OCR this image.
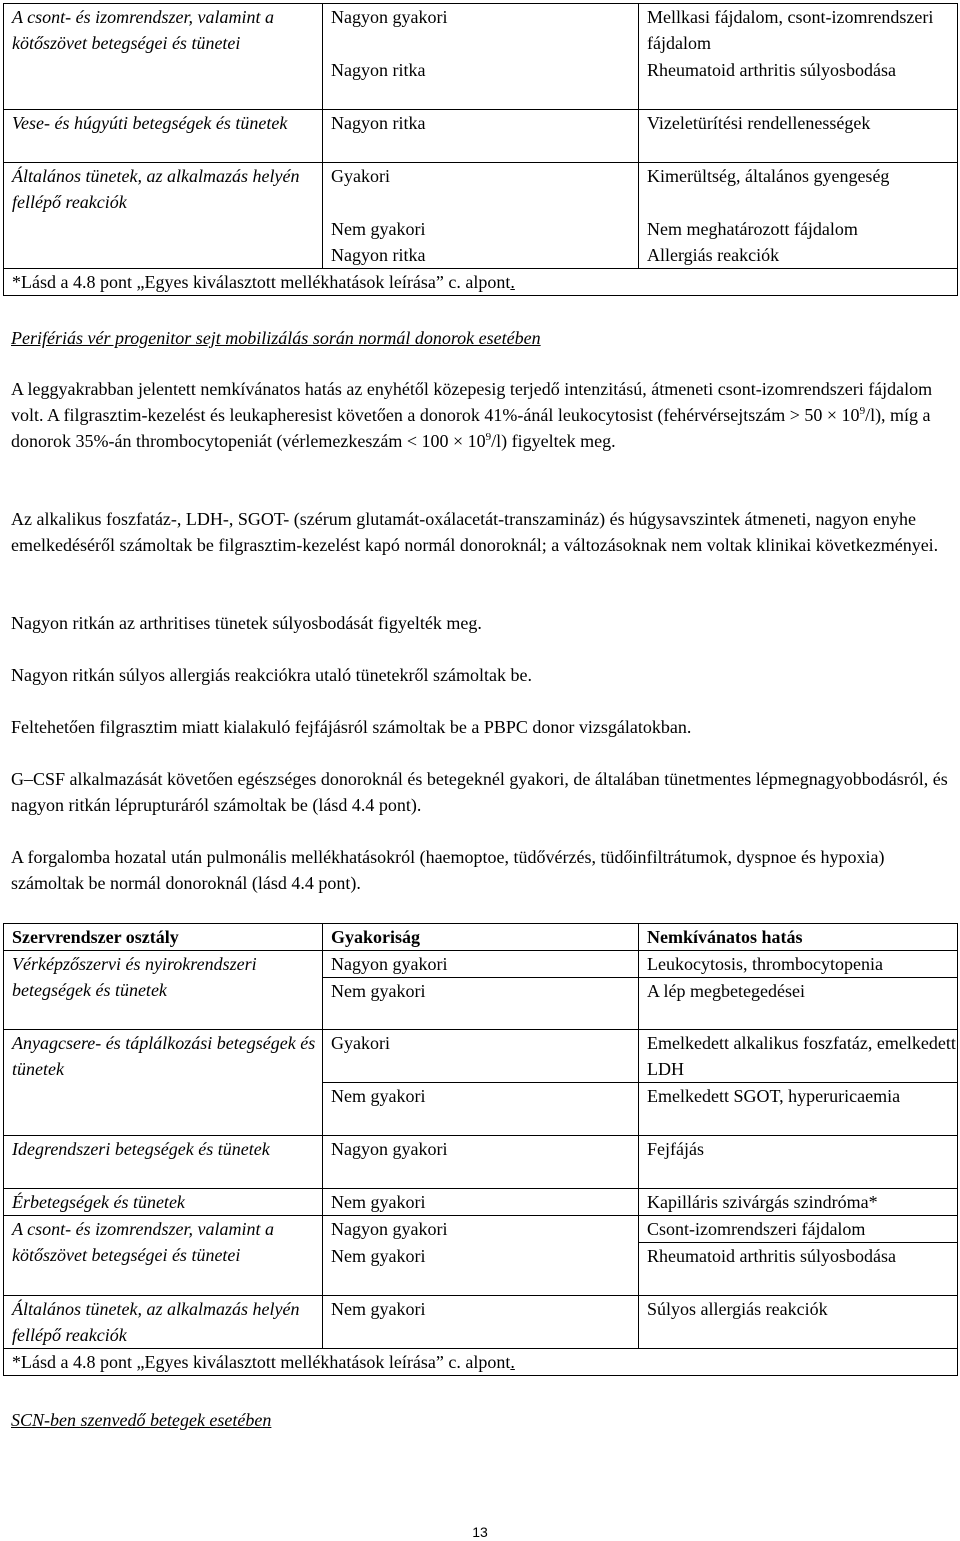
A csont- és izomrendszer, valamint a kötőszövet betegségei és tünetei	Nagyon gyakori	Mellkasi fájdalom, csont-izomrendszeri fájdalom
	Nagyon ritka	Rheumatoid arthritis súlyosbodása
Vese- és húgyúti betegségek és tünetek	Nagyon ritka	Vizeletürítési rendellenességek
Általános tünetek, az alkalmazás helyén fellépő reakciók	Gyakori	Kimerültség, általános gyengeség
	Nem gyakori	Nem meghatározott fájdalom
	Nagyon ritka	Allergiás reakciók
*Lásd a 4.8 pont „Egyes kiválasztott mellékhatások leírása” c. alpont.		

Perifériás vér progenitor sejt mobilizálás során normál donorok esetében

A leggyakrabban jelentett nemkívánatos hatás az enyhétől közepesig terjedő intenzitású, átmeneti csont-izomrendszeri fájdalom volt. A filgrasztim-kezelést és leukapheresist követően a donorok 41%-ánál leukocytosist (fehérvérsejtszám > $50 \times 10^9/l$), míg a donorok 35%-án thrombocytopeniát (vérlemezkeszám < $100 \times 10^9/l$) figyeltek meg.

Az alkalikus foszfatáz-, LDH-, SGOT- (szérum glutamát-oxálacetát-transzamináz) és húgysavszintek átmeneti, nagyon enyhe emelkedéséről számoltak be filgrasztim-kezelést kapó normál donoroknál; a változásoknak nem voltak klinikai következményei.

Nagyon ritkán az arthritises tünetek súlyosbodását figyelték meg.

Nagyon ritkán súlyos allergiás reakciókra utaló tünetekről számoltak be.

Feltehetően filgrasztim miatt kialakuló fejfájásról számoltak be a PBPC donor vizsgálatokban.

G–CSF alkalmazását követően egészséges donoroknál és betegeknél gyakori, de általában tünetmentes lépmegnagyobbodásról, és nagyon ritkán léprupturáról számoltak be (lásd 4.4 pont).

A forgalomba hozatal után pulmonális mellékhatásokról (haemoptoe, tüdővérzés, tüdőinfiltrátumok, dyspnoe és hypoxia) számoltak be normál donoroknál (lásd 4.4 pont).

Szervrendszer osztály	Gyakoriság	Nemkívánatos hatás
Vérképzőszervi és nyirokrendszeri betegségek és tünetek	Nagyon gyakori	Leukocytosis, thrombocytopenia
	Nem gyakori	A lép megbetegedései
Anyagcsere- és táplálkozási betegségek és tünetek	Gyakori	Emelkedett alkalikus foszfatáz, emelkedett LDH
	Nem gyakori	Emelkedett SGOT, hyperuricaemia
Idegrendszeri betegségek és tünetek	Nagyon gyakori	Fejfájás
Érbetegségek és tünetek	Nem gyakori	Kapilláris szivárgás szindróma*
A csont- és izomrendszer, valamint a kötőszövet betegségei és tünetei	Nagyon gyakori	Csont-izomrendszeri fájdalom
	Nem gyakori	Rheumatoid arthritis súlyosbodása
Általános tünetek, az alkalmazás helyén fellépő reakciók	Nem gyakori	Súlyos allergiás reakciók
*Lásd a 4.8 pont „Egyes kiválasztott mellékhatások leírása” c. alpont.		

SCN-ben szenvedő betegek esetében

13
